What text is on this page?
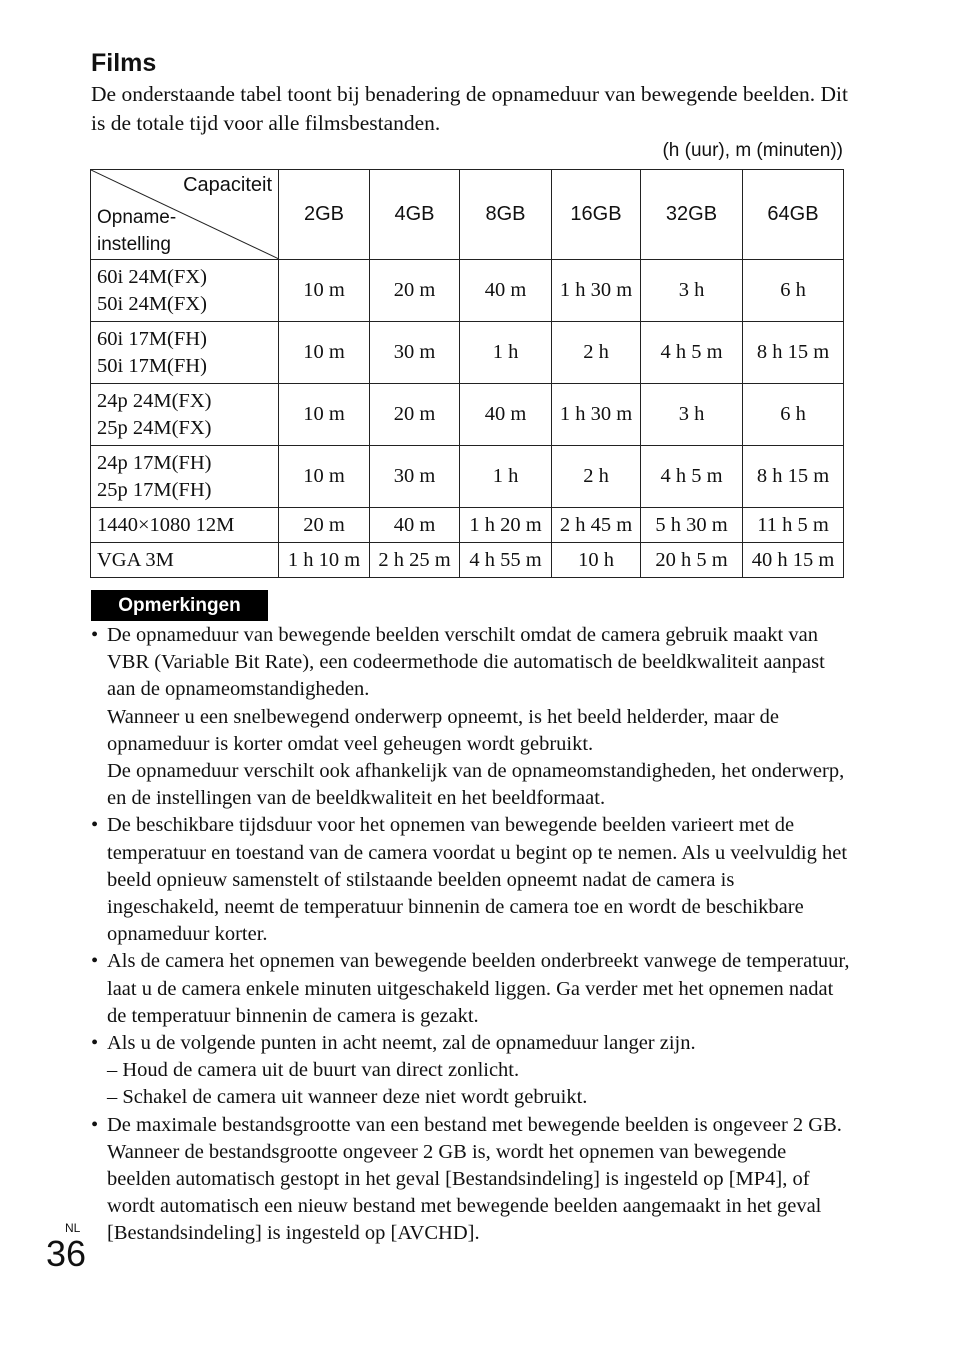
Films
De onderstaande tabel toont bij benadering de opnameduur van bewegende beelden. Dit is de totale tijd voor alle filmsbestanden.
(h (uur), m (minuten))
Capaciteit
Opname-
instelling	2GB	4GB	8GB	16GB	32GB	64GB
60i 24M(FX)
50i 24M(FX)	10 m	20 m	40 m	1 h 30 m	3 h	6 h
60i 17M(FH)
50i 17M(FH)	10 m	30 m	1 h	2 h	4 h 5 m	8 h 15 m
24p 24M(FX)
25p 24M(FX)	10 m	20 m	40 m	1 h 30 m	3 h	6 h
24p 17M(FH)
25p 17M(FH)	10 m	30 m	1 h	2 h	4 h 5 m	8 h 15 m
1440×1080 12M	20 m	40 m	1 h 20 m	2 h 45 m	5 h 30 m	11 h 5 m
VGA 3M	1 h 10 m	2 h 25 m	4 h 55 m	10 h	20 h 5 m	40 h 15 m
Opmerkingen
• De opnameduur van bewegende beelden verschilt omdat de camera gebruik maakt van VBR (Variable Bit Rate), een codeermethode die automatisch de beeldkwaliteit aanpast aan de opnameomstandigheden.

Wanneer u een snelbewegend onderwerp opneemt, is het beeld helderder, maar de opnameduur is korter omdat veel geheugen wordt gebruikt.

De opnameduur verschilt ook afhankelijk van de opnameomstandigheden, het onderwerp, en de instellingen van de beeldkwaliteit en het beeldformaat.

• De beschikbare tijdsduur voor het opnemen van bewegende beelden varieert met de temperatuur en toestand van de camera voordat u begint op te nemen. Als u veelvuldig het beeld opnieuw samenstelt of stilstaande beelden opneemt nadat de camera is ingeschakeld, neemt de temperatuur binnenin de camera toe en wordt de beschikbare opnameduur korter.

• Als de camera het opnemen van bewegende beelden onderbreekt vanwege de temperatuur, laat u de camera enkele minuten uitgeschakeld liggen. Ga verder met het opnemen nadat de temperatuur binnenin de camera is gezakt.

• Als u de volgende punten in acht neemt, zal de opnameduur langer zijn.

– Houd de camera uit de buurt van direct zonlicht.

– Schakel de camera uit wanneer deze niet wordt gebruikt.

• De maximale bestandsgrootte van een bestand met bewegende beelden is ongeveer 2 GB. Wanneer de bestandsgrootte ongeveer 2 GB is, wordt het opnemen van bewegende beelden automatisch gestopt in het geval [Bestandsindeling] is ingesteld op [MP4], of wordt automatisch een nieuw bestand met bewegende beelden aangemaakt in het geval [Bestandsindeling] is ingesteld op [AVCHD].

NL
36
